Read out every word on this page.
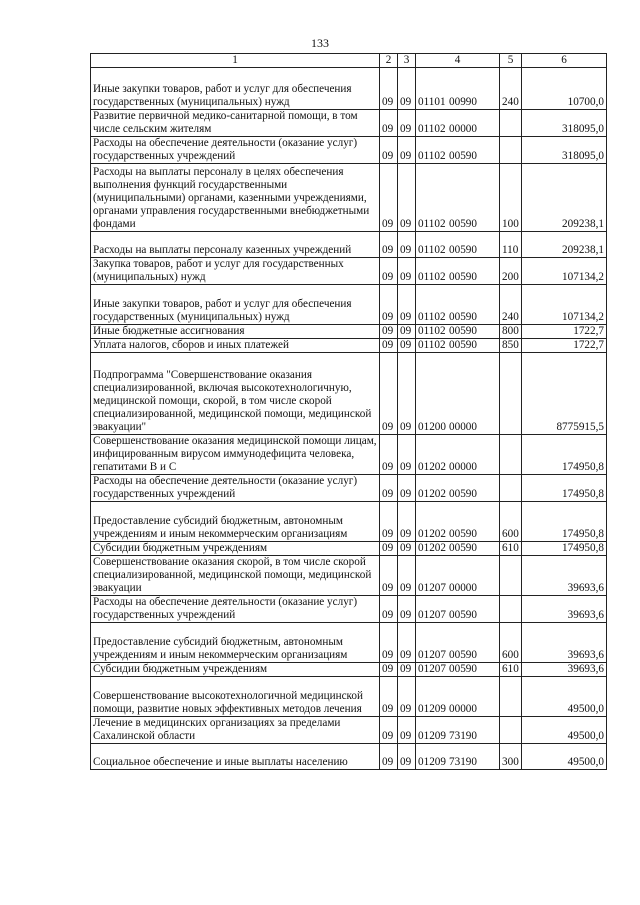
133
1	2	3	4	5	6
Иные закупки товаров, работ и услуг для обеспечения государственных (муниципальных) нужд	09	09	01101 00990	240	10700,0
Развитие первичной медико-санитарной помощи, в том числе сельским жителям	09	09	01102 00000		318095,0
Расходы на обеспечение деятельности (оказание услуг) государственных учреждений	09	09	01102 00590		318095,0
Расходы на выплаты персоналу в целях обеспечения выполнения функций государственными (муниципальными) органами, казенными учреждениями, органами управления государственными внебюджетными фондами	09	09	01102 00590	100	209238,1
Расходы на выплаты персоналу казенных учреждений	09	09	01102 00590	110	209238,1
Закупка товаров, работ и услуг для государственных (муниципальных) нужд	09	09	01102 00590	200	107134,2
Иные закупки товаров, работ и услуг для обеспечения государственных (муниципальных) нужд	09	09	01102 00590	240	107134,2
Иные бюджетные ассигнования	09	09	01102 00590	800	1722,7
Уплата налогов, сборов и иных платежей	09	09	01102 00590	850	1722,7
Подпрограмма "Совершенствование оказания специализированной, включая высокотехнологичную, медицинской помощи, скорой, в том числе скорой специализированной, медицинской помощи, медицинской эвакуации"	09	09	01200 00000		8775915,5
Совершенствование оказания медицинской помощи лицам, инфицированным вирусом иммунодефицита человека, гепатитами В и С	09	09	01202 00000		174950,8
Расходы на обеспечение деятельности (оказание услуг) государственных учреждений	09	09	01202 00590		174950,8
Предоставление субсидий бюджетным, автономным учреждениям и иным некоммерческим организациям	09	09	01202 00590	600	174950,8
Субсидии бюджетным учреждениям	09	09	01202 00590	610	174950,8
Совершенствование оказания скорой, в том числе скорой специализированной, медицинской помощи, медицинской эвакуации	09	09	01207 00000		39693,6
Расходы на обеспечение деятельности (оказание услуг) государственных учреждений	09	09	01207 00590		39693,6
Предоставление субсидий бюджетным, автономным учреждениям и иным некоммерческим организациям	09	09	01207 00590	600	39693,6
Субсидии бюджетным учреждениям	09	09	01207 00590	610	39693,6
Совершенствование высокотехнологичной медицинской помощи, развитие новых эффективных методов лечения	09	09	01209 00000		49500,0
Лечение в медицинских организациях за пределами Сахалинской области	09	09	01209 73190		49500,0
Социальное обеспечение и иные выплаты населению	09	09	01209 73190	300	49500,0
